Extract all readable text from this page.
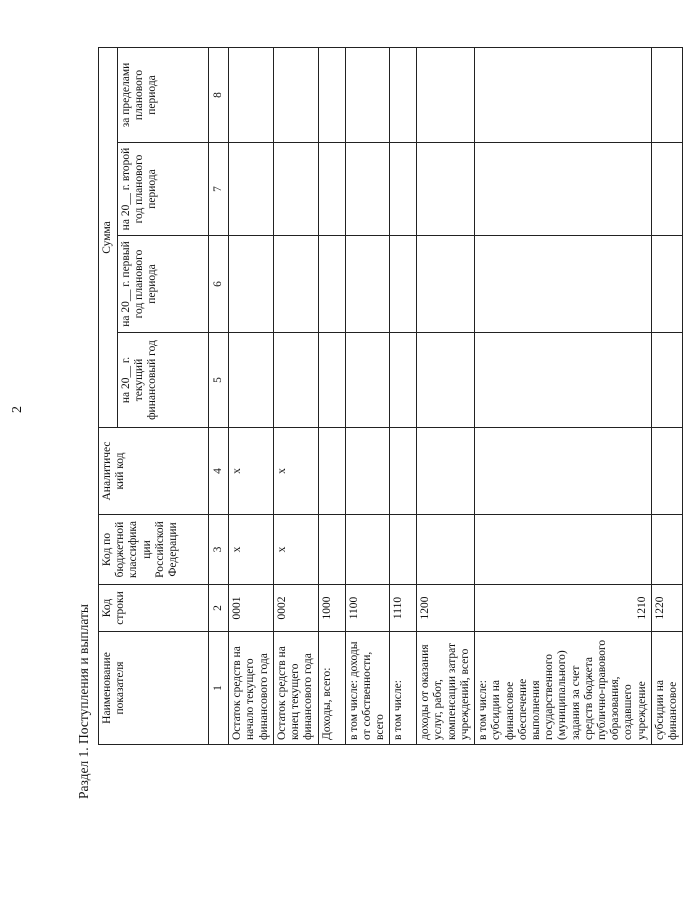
2
Раздел 1. Поступления и выплаты Наименование показателя	Код строки	Код по бюджетной классифика ции Российской Федерации	Аналитичес кий код	Сумма			
				на 20__ г. текущий финансовый год	на 20__ г. первый год планового периода	на 20__ г. второй год планового периода	за пределами планового периода
1	2	3	4	5	6	7	8
Остаток средств на начало текущего финансового года	0001	x	x				
Остаток средств на конец текущего финансового года	0002	x	x				
Доходы, всего:	1000						
в том числе: доходы от собственности, всего	1100						
в том числе:	1110						
доходы от оказания услуг, работ, компенсации затрат учреждений, всего	1200						
в том числе: субсидии на финансовое обеспечение выполнения государственного (муниципального) задания за счет средств бюджета публично-правового образования, создавшего учреждение	1210						
субсидии на финансовое	1220						
